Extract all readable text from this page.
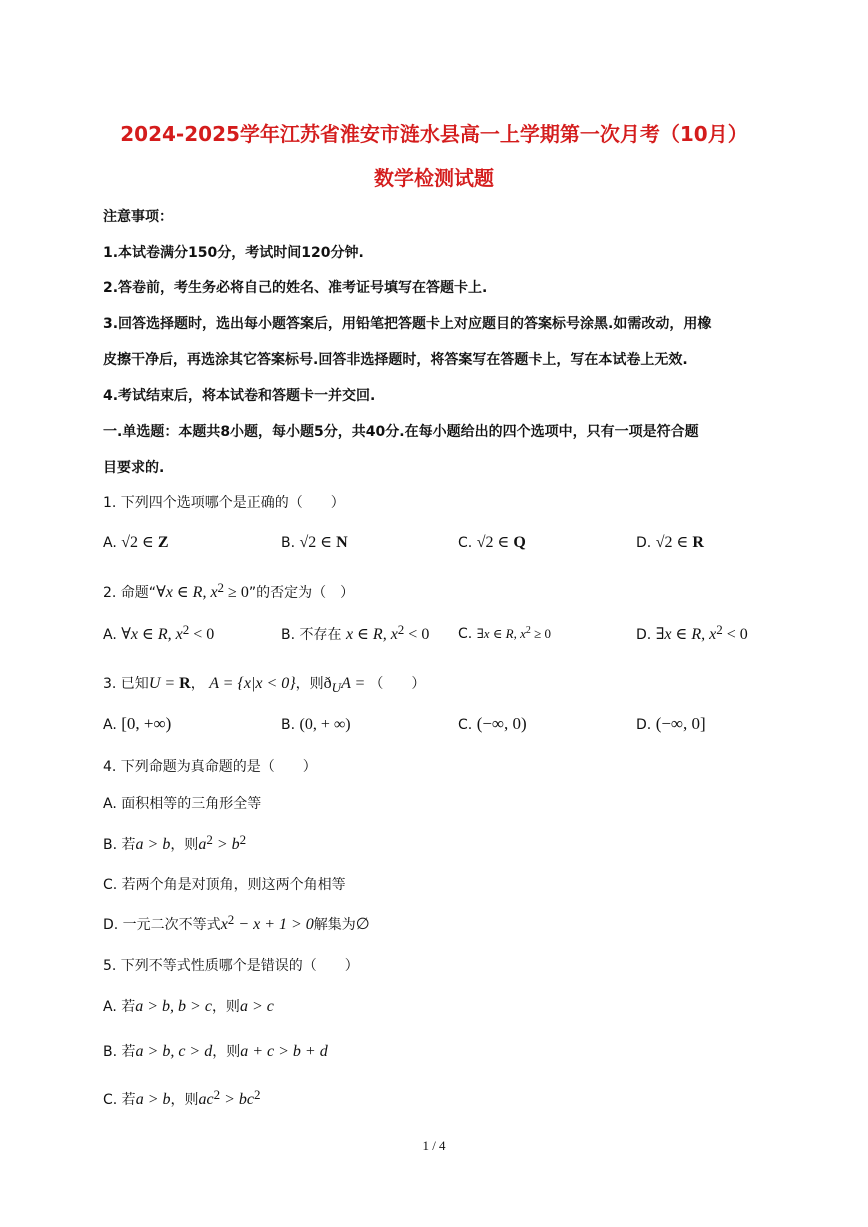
2024-2025学年江苏省淮安市涟水县高一上学期第一次月考（10月）
数学检测试题
注意事项：
1.本试卷满分150分，考试时间120分钟.
2.答卷前，考生务必将自己的姓名、准考证号填写在答题卡上.
3.回答选择题时，选出每小题答案后，用铅笔把答题卡上对应题目的答案标号涂黑.如需改动，用橡
皮擦干净后，再选涂其它答案标号.回答非选择题时，将答案写在答题卡上，写在本试卷上无效.
4.考试结束后，将本试卷和答题卡一并交回.
一.单选题：本题共8小题，每小题5分，共40分.在每小题给出的四个选项中，只有一项是符合题
目要求的.
1. 下列四个选项哪个是正确的（　　）
A. √2 ∈ Z	B. √2 ∈ N	C. √2 ∈ Q	D. √2 ∈ R
2. 命题“∀x ∈ R, x2 ≥ 0”的否定为（　）
A. ∀x ∈ R, x2 < 0	B. 不存在 x ∈ R, x2 < 0 C. ∃x ∈ R, $x^2 \ge 0$	D. ∃x ∈ R, x2 < 0
3. 已知U = R， A = {x|x < 0}，则ðUA = （　　）
A. [0, +∞)	B. (0, + ∞)	C. (−∞, 0)	D. (−∞, 0]
4. 下列命题为真命题的是（　　）
A. 面积相等的三角形全等
B. 若a > b，则a2 > b2
C. 若两个角是对顶角，则这两个角相等
D. 一元二次不等式x2 − x + 1 > 0解集为∅
5. 下列不等式性质哪个是错误的（　　）
A. 若a > b, b > c，则a > c
B. 若a > b, c > d，则a + c > b + d
C. 若a > b，则ac2 > bc2
1 / 4
